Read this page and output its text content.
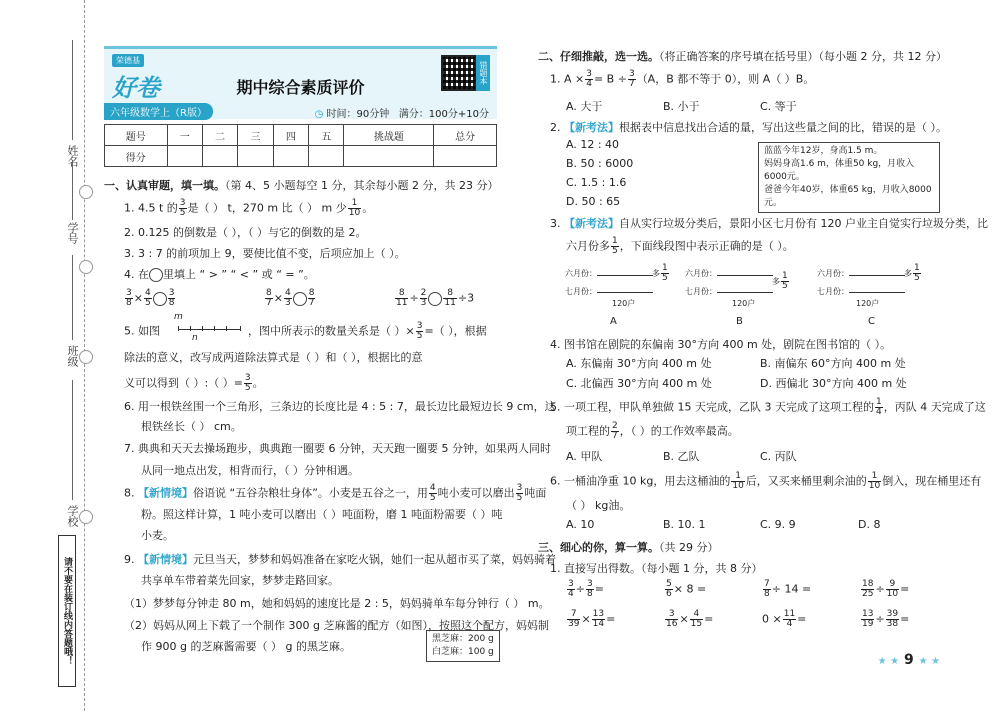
姓名
学号
班级
学校
请不要在装订线内答题哦！
荣德基
好卷
六年级数学上（R版）
期中综合素质评价
◷ 时间：90分钟 满分：100分+10分
错题本
题号	一	二	三	四	五	挑战题	总分
得分							
一、认真审题，填一填。（第 4、5 小题每空 1 分，其余每小题 2 分，共 23 分）
1. 4.5 t 的 $\frac{3}{5}$ 是（ ） t，270 m 比（ ） m 少 $\frac{1}{10}$ 。
2. 0.125 的倒数是（ ），（ ）与它的倒数的是 2。
3. 3 : 7 的前项加上 9，要使比值不变，后项应加上（ ）。
4. 在 里填上 “ > ” “ < ” 或 “ = ”。
$\frac{3}{8} \times \frac{4}{5} \frac{3}{8}$	$\frac{8}{7} \times \frac{4}{3} \frac{8}{7}$	$\frac{8}{11} \div \frac{2}{3} \frac{8}{11} \div 3$
5. 如图	，图中所表示的数量关系是（ ）× $\frac{3}{5}$ =（ ），根据
m
n
除法的意义，改写成两道除法算式是（ ）和（ ），根据比的意
义可以得到（ ）:（ ）= $\frac{3}{5}$ 。
6. 用一根铁丝围一个三角形，三条边的长度比是 4 : 5 : 7，最长边比最短边长 9 cm，这
根铁丝长（ ） cm。
7. 典典和天天去操场跑步，典典跑一圈要 6 分钟，天天跑一圈要 5 分钟，如果两人同时
从同一地点出发，相背而行，（ ）分钟相遇。
8. 【新情境】俗语说 “五谷杂粮壮身体”。小麦是五谷之一，用 $\frac{4}{5}$ 吨小麦可以磨出 $\frac{3}{5}$ 吨面
粉。照这样计算，1 吨小麦可以磨出（ ）吨面粉，磨 1 吨面粉需要（ ）吨
小麦。
9. 【新情境】元旦当天，梦梦和妈妈准备在家吃火锅，她们一起从超市买了菜，妈妈骑着
共享单车带着菜先回家，梦梦走路回家。
（1）梦梦每分钟走 80 m，她和妈妈的速度比是 2 : 5，妈妈骑单车每分钟行（ ） m。
（2）妈妈从网上下载了一个制作 300 g 芝麻酱的配方（如图），按照这个配方，妈妈制
作 900 g 的芝麻酱需要（ ） g 的黑芝麻。
黑芝麻：200 g
白芝麻：100 g
二、仔细推敲，选一选。（将正确答案的序号填在括号里）（每小题 2 分，共 12 分）
1. $A \times \frac{3}{4} = B \div \frac{3}{7} (A$，B 都不等于 0），则 A（ ）B。
A. 大于	B. 小于	C. 等于
2. 【新考法】根据表中信息找出合适的量，写出这些量之间的比，错误的是（ ）。
A. 12 : 40
B. 50 : 6000
C. 1.5 : 1.6
D. 50 : 65
蓝蓝今年12岁，身高1.5 m。
妈妈身高1.6 m，体重50 kg，月收入6000元。
爸爸今年40岁，体重65 kg，月收入8000元。
3. 【新考法】自从实行垃圾分类后，景阳小区七月份有 120 户业主自觉实行垃圾分类，比
六月份多 $\frac{1}{5}$ ，下面线段图中表示正确的是（ ）。
六月份：
七月份：
多 $\frac{1}{5}$
120户
A
六月份：
七月份：
多 $\frac{1}{5}$
120户
B
六月份：
七月份：
多 $\frac{1}{5}$
120户
C
4. 图书馆在剧院的东偏南 30°方向 400 m 处，剧院在图书馆的（ ）。
A. 东偏南 30°方向 400 m 处	B. 南偏东 60°方向 400 m 处
C. 北偏西 30°方向 400 m 处	D. 西偏北 30°方向 400 m 处
5. 一项工程，甲队单独做 15 天完成，乙队 3 天完成了这项工程的 $\frac{1}{4}$ ，丙队 4 天完成了这
项工程的 $\frac{2}{7}$ ，（ ）的工作效率最高。
A. 甲队	B. 乙队	C. 丙队
6. 一桶油净重 10 kg，用去这桶油的 $\frac{1}{10}$ 后，又买来桶里剩余油的 $\frac{1}{10}$ 倒入，现在桶里还有
（ ） kg油。
A. 10	B. 10. 1	C. 9. 9	D. 8
三、细心的你，算一算。（共 29 分）
1. 直接写出得数。（每小题 1 分，共 8 分）
$\frac{3}{4} \div \frac{3}{8}$ =	$\frac{5}{6} \times 8$ =	$\frac{7}{8} \div 14$ =	$\frac{18}{25} \div \frac{9}{10}$ =
$\frac{7}{39} \times \frac{13}{14}$ =	$\frac{3}{16} \times \frac{4}{15}$ =	$0 \times \frac{11}{4}$ =	$\frac{13}{19} \div \frac{39}{38}$ =
★ ★ 9 ★ ★
